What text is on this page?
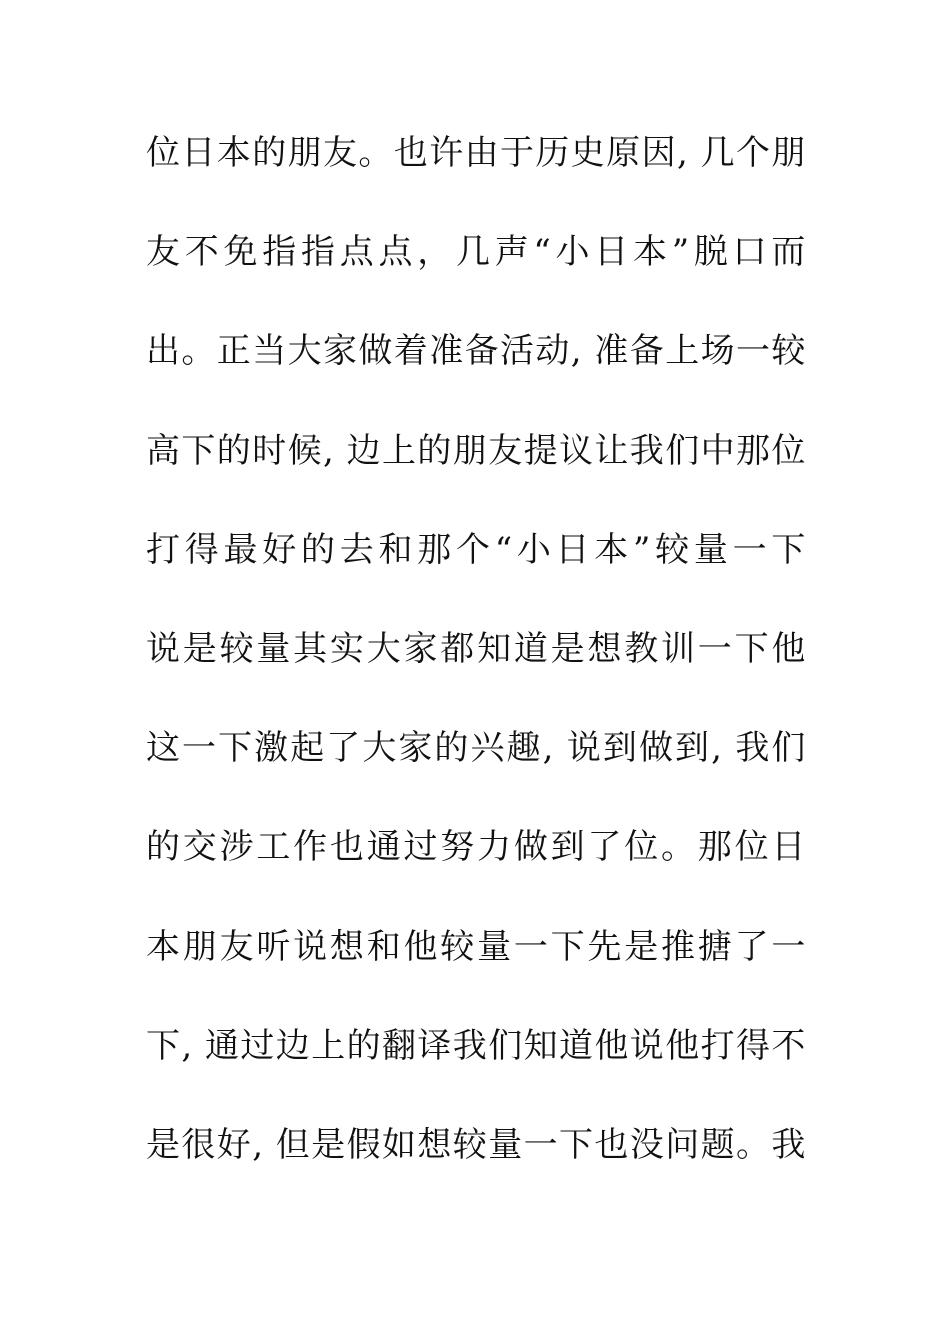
位日本的朋友。也许由于历史原因, 几个朋
友不免指指点点，几声“小日本”脱口而
出。正当大家做着准备活动, 准备上场一较
高下的时候, 边上的朋友提议让我们中那位
打得最好的去和那个“小日本”较量一下
说是较量其实大家都知道是想教训一下他
这一下激起了大家的兴趣, 说到做到, 我们
的交涉工作也通过努力做到了位。那位日
本朋友听说想和他较量一下先是推搪了一
下, 通过边上的翻译我们知道他说他打得不
是很好, 但是假如想较量一下也没问题。我
